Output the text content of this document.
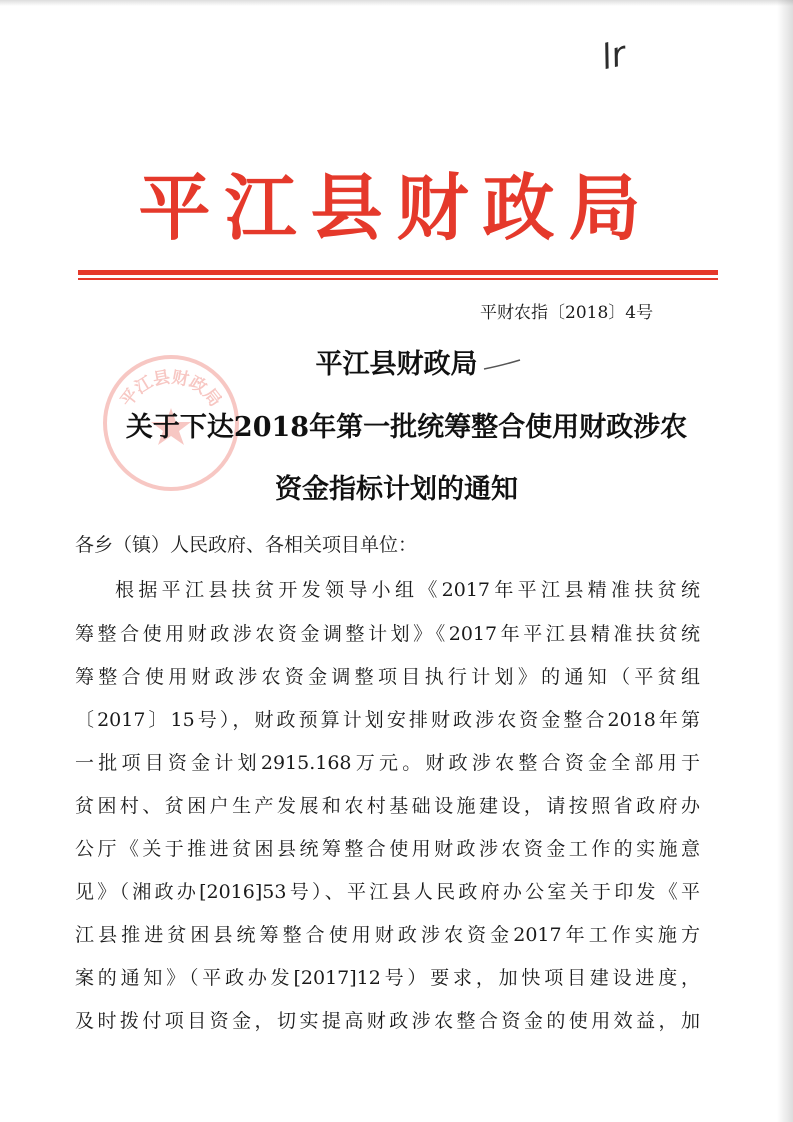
lr
平江县财政局
平财农指〔2018〕4号
平江县财政局
平江县财政局
关于下达2018年第一批统筹整合使用财政涉农
资金指标计划的通知
各乡（镇）人民政府、各相关项目单位：
根据平江县扶贫开发领导小组《2017年平江县精准扶贫统
筹整合使用财政涉农资金调整计划》《2017年平江县精准扶贫统
筹整合使用财政涉农资金调整项目执行计划》的通知（平贫组
〔2017〕15号），财政预算计划安排财政涉农资金整合2018年第
一批项目资金计划2915.168万元。财政涉农整合资金全部用于
贫困村、贫困户生产发展和农村基础设施建设，请按照省政府办
公厅《关于推进贫困县统筹整合使用财政涉农资金工作的实施意
见》（湘政办[2016]53号）、平江县人民政府办公室关于印发《平
江县推进贫困县统筹整合使用财政涉农资金2017年工作实施方
案的通知》（平政办发[2017]12号）要求，加快项目建设进度，
及时拨付项目资金，切实提高财政涉农整合资金的使用效益，加
